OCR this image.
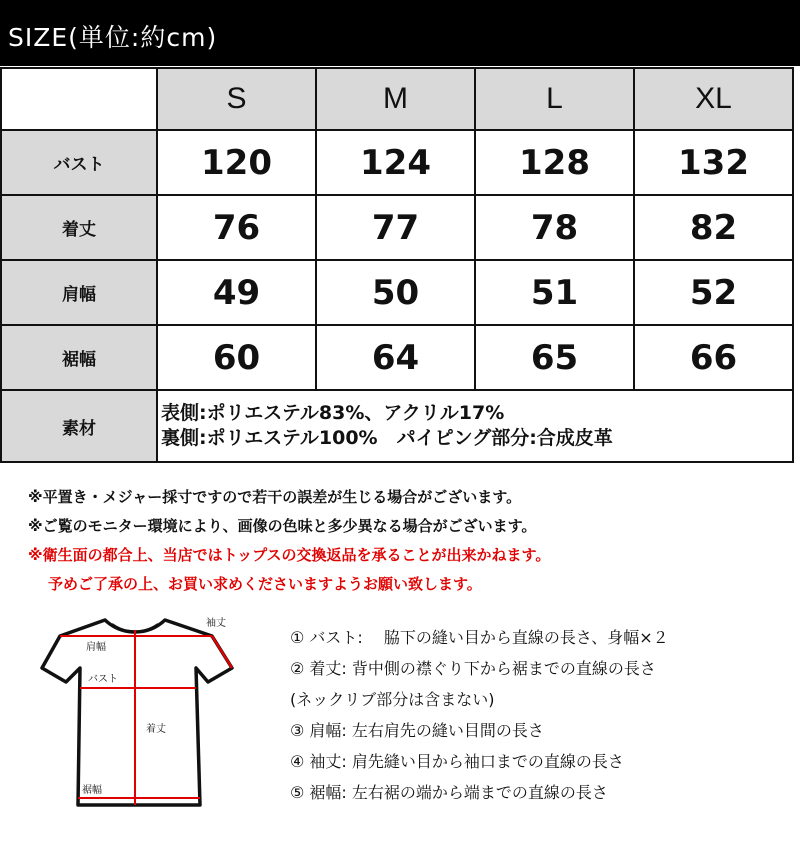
SIZE(単位:約cm)
	S	M	L	XL
バスト	120	124	128	132
着丈	76	77	78	82
肩幅	49	50	51	52
裾幅	60	64	65	66
素材	表側:ポリエステル83%、アクリル17%
裏側:ポリエステル100%　パイピング部分:合成皮革			
※平置き・メジャー採寸ですので若干の誤差が生じる場合がございます。
※ご覧のモニター環境により、画像の色味と多少異なる場合がございます。
※衛生面の都合上、当店ではトップスの交換返品を承ることが出来かねます。
予めご了承の上、お買い求めくださいますようお願い致します。
袖丈
肩幅
バスト
着丈
裾幅
① バスト:　 脇下の縫い目から直線の長さ、身幅×２
② 着丈: 背中側の襟ぐり下から裾までの直線の長さ
(ネックリブ部分は含まない)
③ 肩幅: 左右肩先の縫い目間の長さ
④ 袖丈: 肩先縫い目から袖口までの直線の長さ
⑤ 裾幅: 左右裾の端から端までの直線の長さ
